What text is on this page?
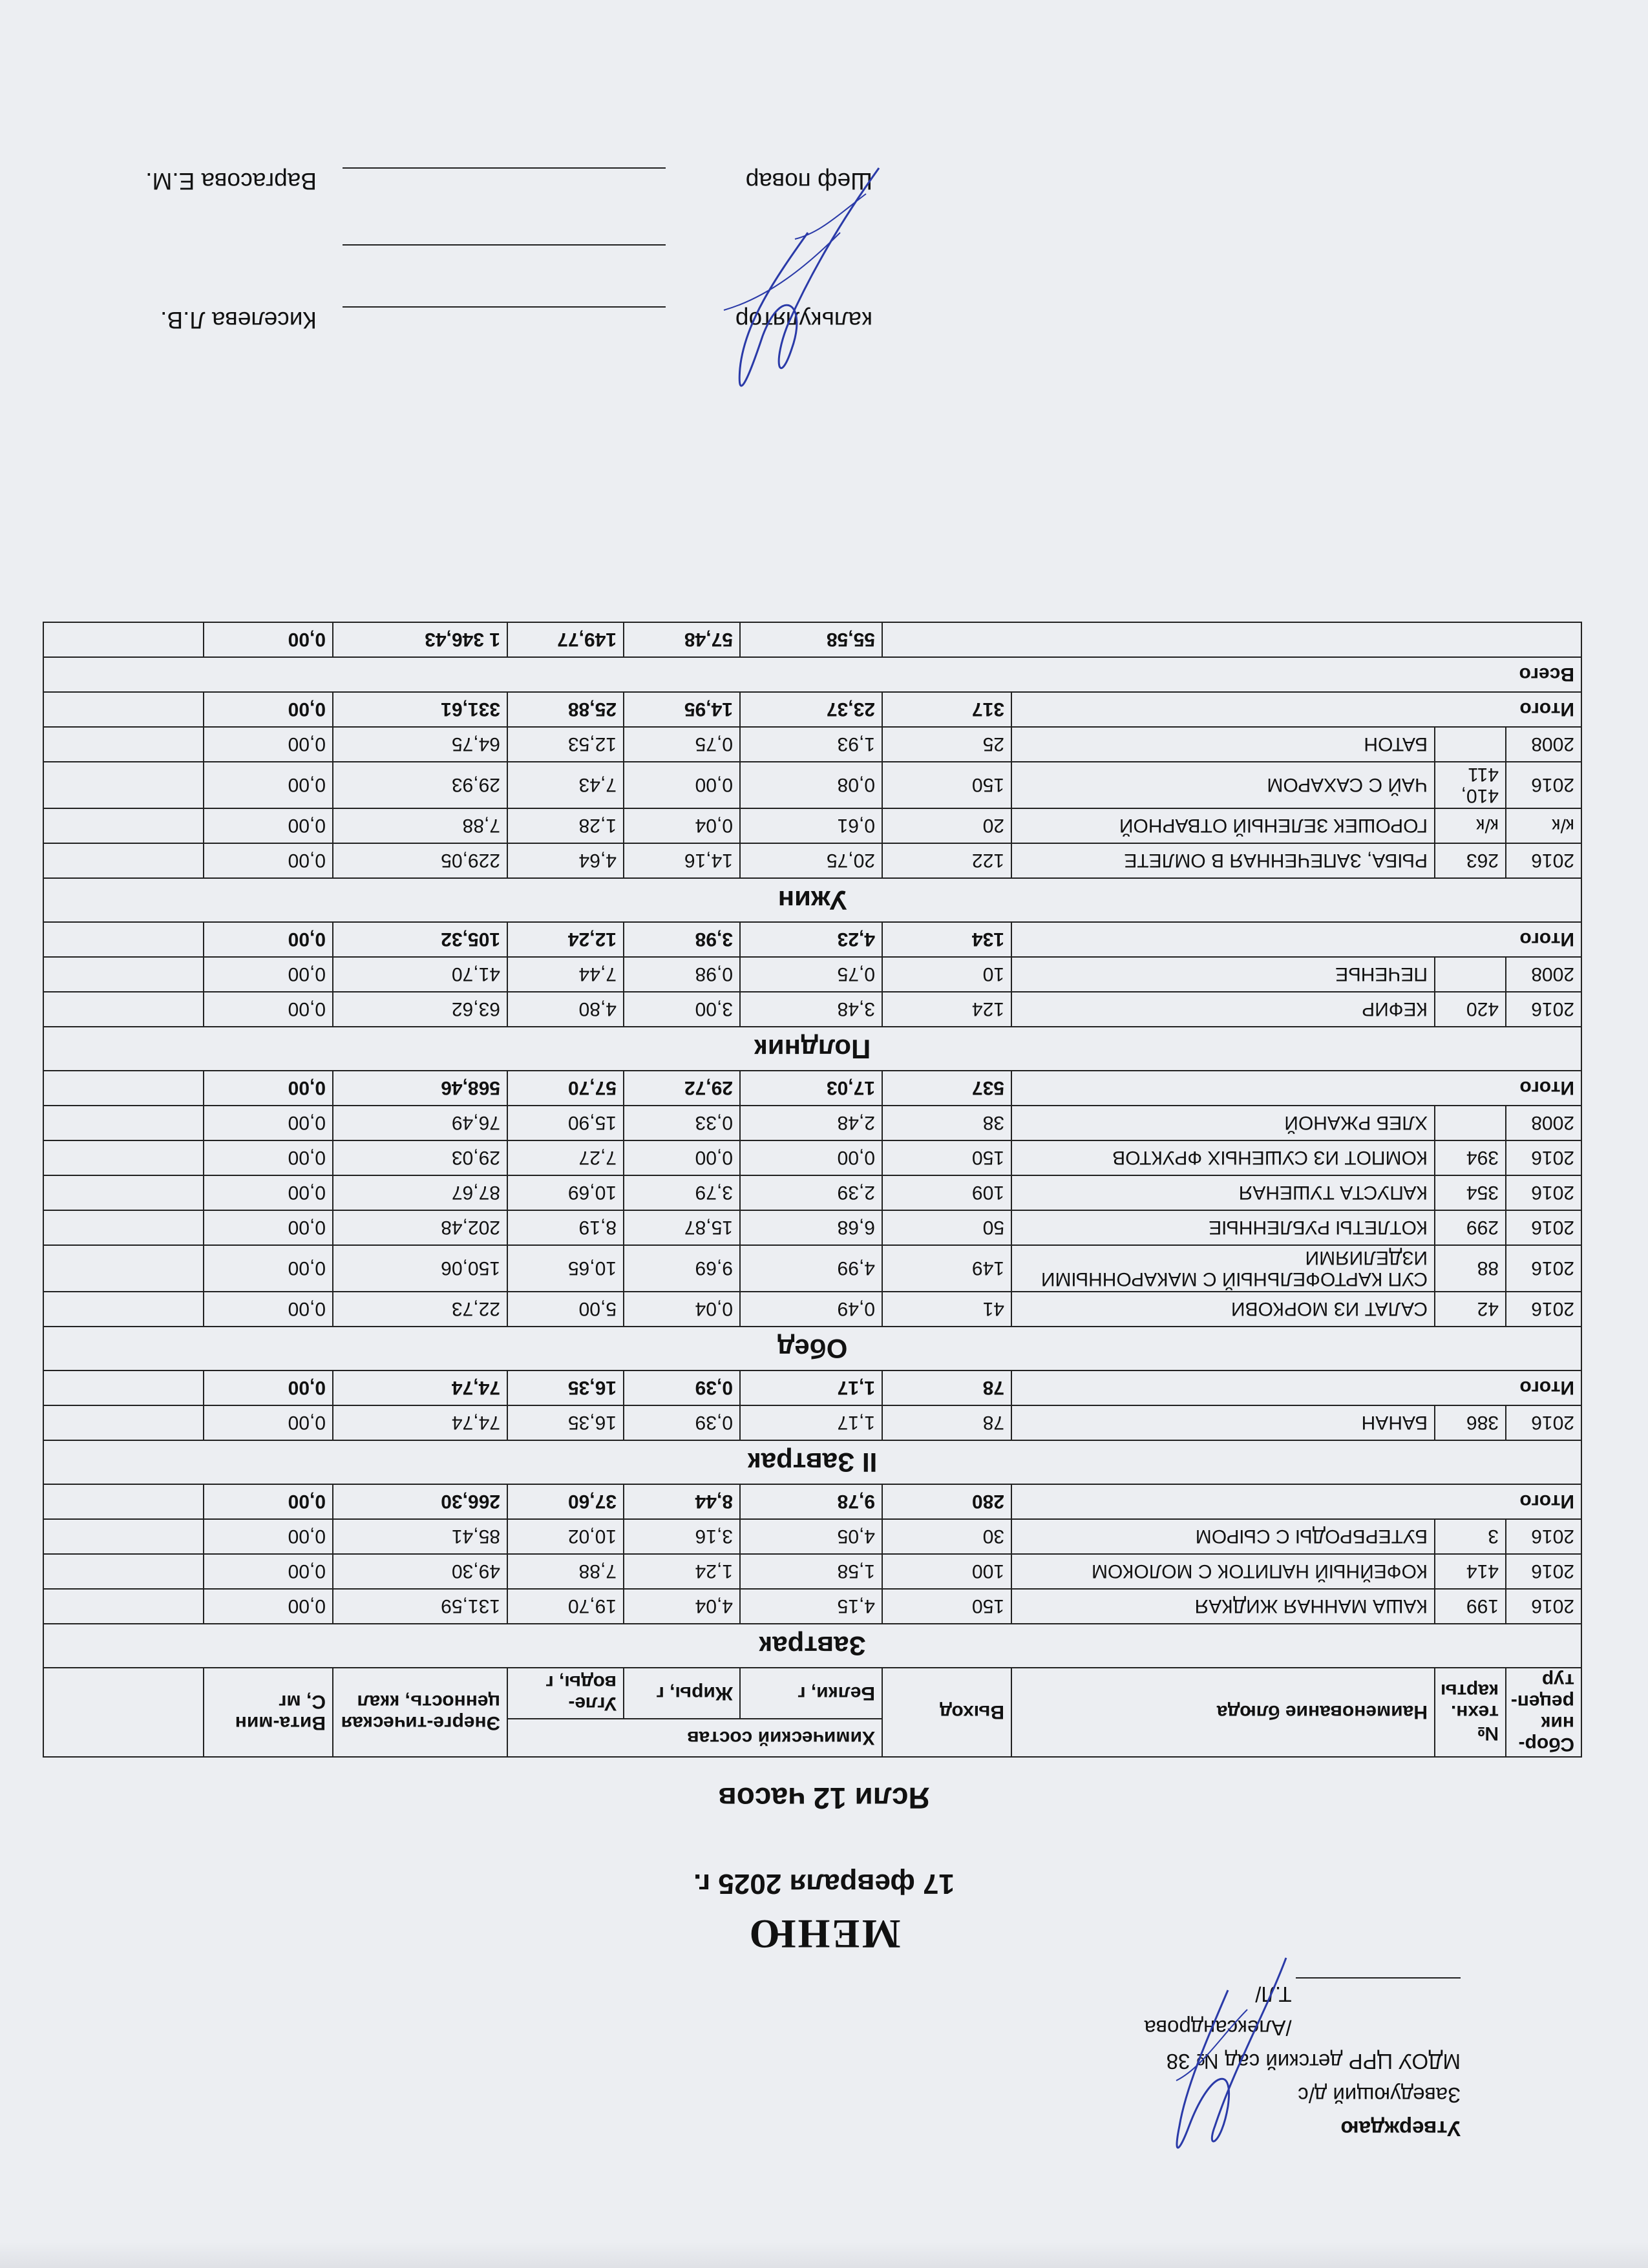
Утверждаю
Заведующий д/с
МДОУ ЦРР детский сад № 38
/Александрова Т.Л/
МЕНЮ
17 февраля 2025 г.
Ясли 12 часов
Сбор-ник рецеп-тур	№ техн. карты	Наименование блюда	Выход	Химический состав			Энерге-тическая ценность, ккал	Вита-мин С, мг	
				Белки, г	Жиры, г	Угле-воды, г			
Завтрак									
2016	199	КАША МАННАЯ ЖИДКАЯ	150	4,15	4,04	19,70	131,59	0,00	
2016	414	КОФЕЙНЫЙ НАПИТОК С МОЛОКОМ	100	1,58	1,24	7,88	49,30	0,00	
2016	3	БУТЕРБРОДЫ С СЫРОМ	30	4,05	3,16	10,02	85,41	0,00	
Итого			280	9,78	8,44	37,60	266,30	0,00	
II Завтрак									
2016	386	БАНАН	78	1,17	0,39	16,35	74,74	0,00	
Итого			78	1,17	0,39	16,35	74,74	0,00	
Обед									
2016	42	САЛАТ ИЗ МОРКОВИ	41	0,49	0,04	5,00	22,73	0,00	
2016	88	СУП КАРТОФЕЛЬНЫЙ С МАКАРОННЫМИ ИЗДЕЛИЯМИ	149	4,99	9,69	10,65	150,06	0,00	
2016	299	КОТЛЕТЫ РУБЛЕННЫЕ	50	6,68	15,87	8,19	202,48	0,00	
2016	354	КАПУСТА ТУШЕНАЯ	109	2,39	3,79	10,69	87,67	0,00	
2016	394	КОМПОТ ИЗ СУШЕНЫХ ФРУКТОВ	150	0,00	0,00	7,27	29,03	0,00	
2008		ХЛЕБ РЖАНОЙ	38	2,48	0,33	15,90	76,49	0,00	
Итого			537	17,03	29,72	57,70	568,46	0,00	
Полдник									
2016	420	КЕФИР	124	3,48	3,00	4,80	63,62	0,00	
2008		ПЕЧЕНЬЕ	10	0,75	0,98	7,44	41,70	0,00	
Итого			134	4,23	3,98	12,24	105,32	0,00	
Ужин									
2016	263	РЫБА, ЗАПЕЧЕННАЯ В ОМЛЕТЕ	122	20,75	14,16	4,64	229,05	0,00	
к/к	к/к	ГОРОШЕК ЗЕЛЕНЫЙ ОТВАРНОЙ	20	0,61	0,04	1,28	7,88	0,00	
2016	410, 411	ЧАЙ С САХАРОМ	150	0,08	0,00	7,43	29,93	0,00	
2008		БАТОН	25	1,93	0,75	12,53	64,75	0,00	
Итого			317	23,37	14,95	25,88	331,61	0,00	
Всего									
				55,58	57,48	149,77	1 346,43	0,00	
калькулятор
Киселева Л.В.
Шеф повар
Варгасова Е.М.
